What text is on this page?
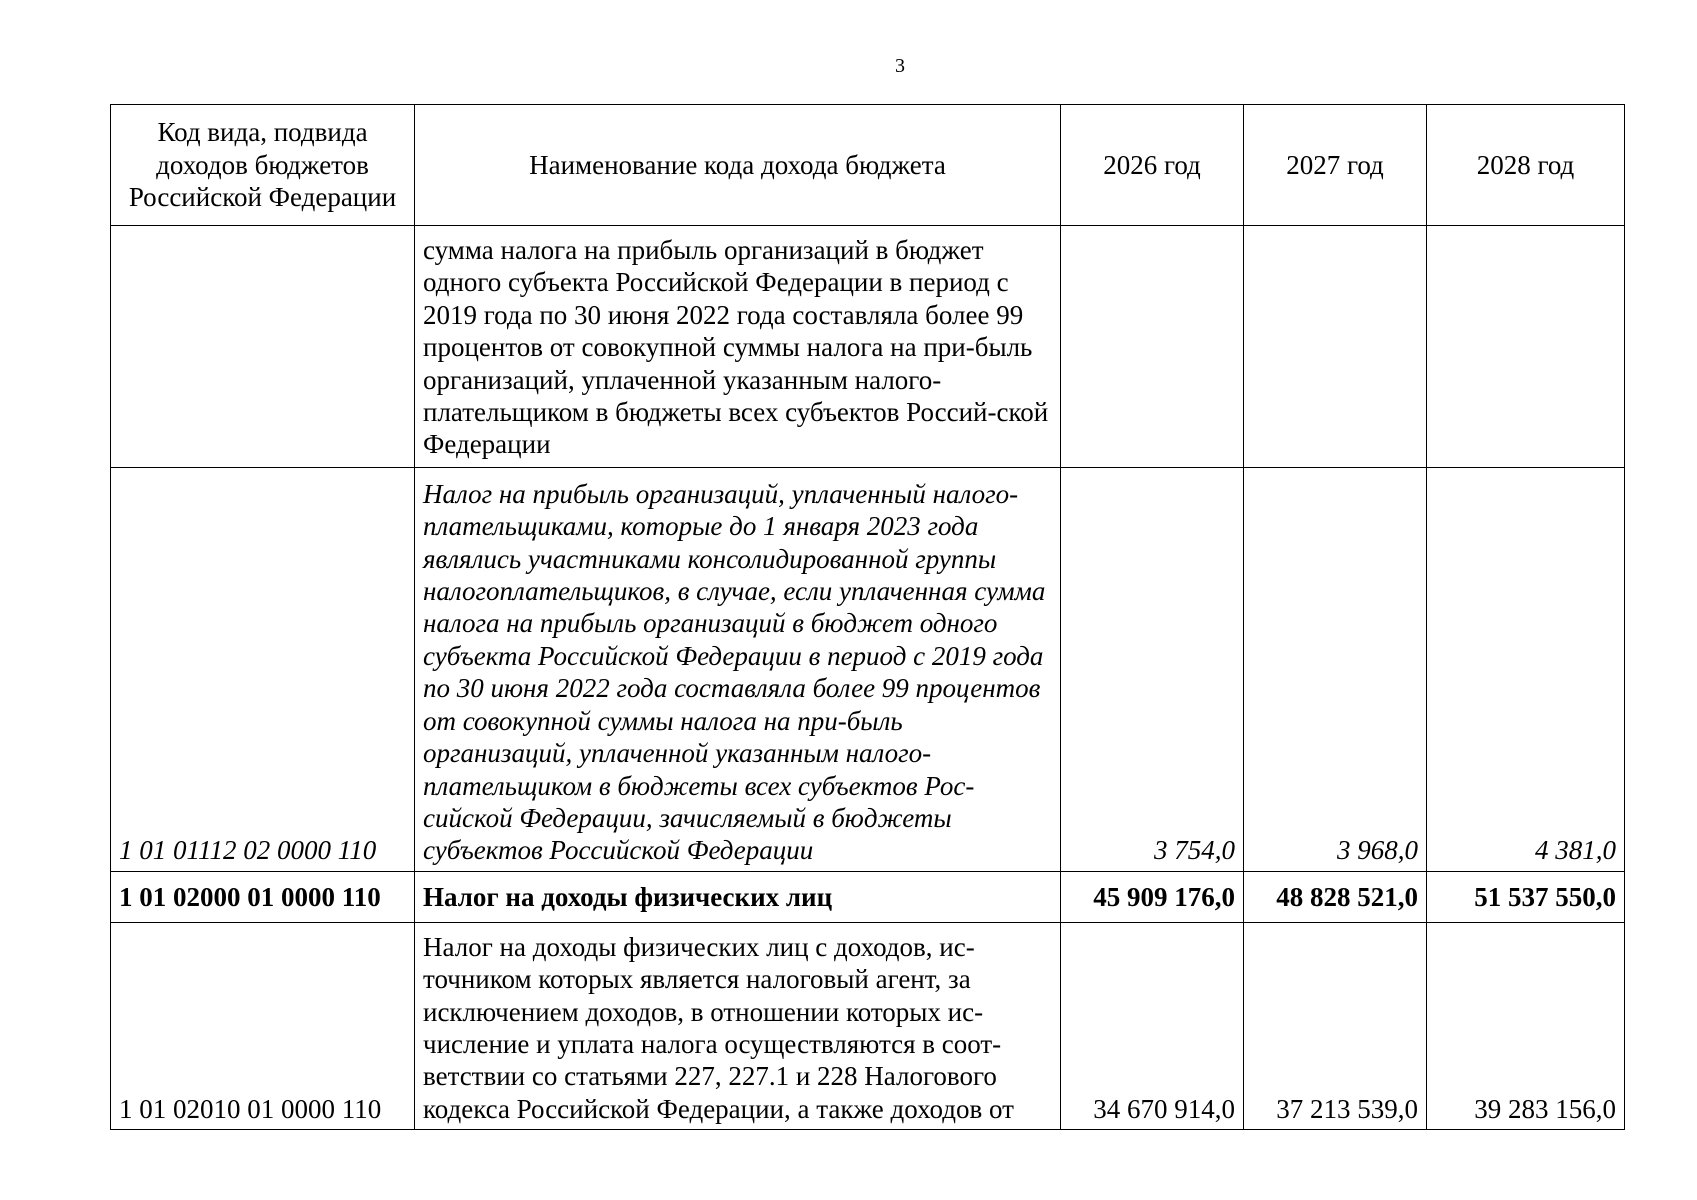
3
Код вида, подвида доходов бюджетов Российской Федерации	Наименование кода дохода бюджета	2026 год	2027 год	2028 год
	сумма налога на прибыль организаций в бюджет одного субъекта Российской Федерации в период с 2019 года по 30 июня 2022 года составляла более 99 процентов от совокупной суммы налога на при-быль организаций, уплаченной указанным налого-плательщиком в бюджеты всех субъектов Россий-ской Федерации			
1 01 01112 02 0000 110	Налог на прибыль организаций, уплаченный налого-плательщиками, которые до 1 января 2023 года являлись участниками консолидированной группы налогоплательщиков, в случае, если уплаченная сумма налога на прибыль организаций в бюджет одного субъекта Российской Федерации в период с 2019 года по 30 июня 2022 года составляла более 99 процентов от совокупной суммы налога на при-быль организаций, уплаченной указанным налого-плательщиком в бюджеты всех субъектов Рос-сийской Федерации, зачисляемый в бюджеты субъектов Российской Федерации	3 754,0	3 968,0	4 381,0
1 01 02000 01 0000 110	Налог на доходы физических лиц	45 909 176,0	48 828 521,0	51 537 550,0
1 01 02010 01 0000 110	Налог на доходы физических лиц с доходов, ис-точником которых является налоговый агент, за исключением доходов, в отношении которых ис-числение и уплата налога осуществляются в соот-ветствии со статьями 227, 227.1 и 228 Налогового кодекса Российской Федерации, а также доходов от	34 670 914,0	37 213 539,0	39 283 156,0
